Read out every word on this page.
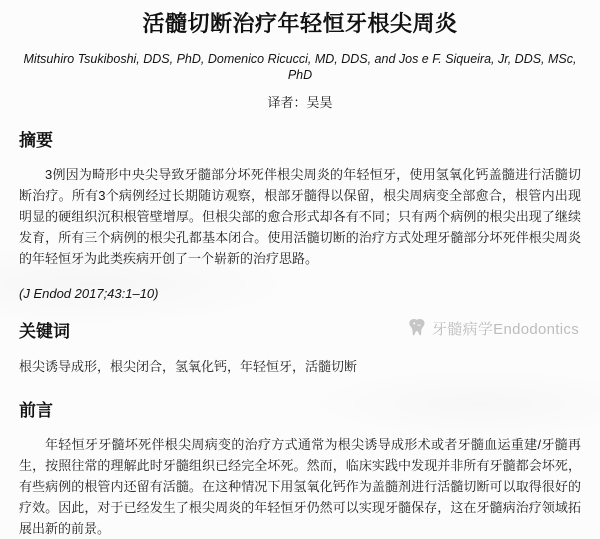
活髓切断治疗年轻恒牙根尖周炎

Mitsuhiro Tsukiboshi, DDS, PhD, Domenico Ricucci, MD, DDS, and Jos e F. Siqueira, Jr, DDS, MSc, PhD

译者：吴昊

摘要

3例因为畸形中央尖导致牙髓部分坏死伴根尖周炎的年轻恒牙，使用氢氧化钙盖髓进行活髓切断治疗。所有3个病例经过长期随访观察，根部牙髓得以保留，根尖周病变全部愈合，根管内出现明显的硬组织沉积根管壁增厚。但根尖部的愈合形式却各有不同；只有两个病例的根尖出现了继续发育，所有三个病例的根尖孔都基本闭合。使用活髓切断的治疗方式处理牙髓部分坏死伴根尖周炎的年轻恒牙为此类疾病开创了一个崭新的治疗思路。

(J Endod 2017;43:1–10)

关键词

根尖诱导成形，根尖闭合，氢氧化钙，年轻恒牙，活髓切断

牙髓病学Endodontics
前言

年轻恒牙牙髓坏死伴根尖周病变的治疗方式通常为根尖诱导成形术或者牙髓血运重建/牙髓再生，按照往常的理解此时牙髓组织已经完全坏死。然而，临床实践中发现并非所有牙髓都会坏死，有些病例的根管内还留有活髓。在这种情况下用氢氧化钙作为盖髓剂进行活髓切断可以取得很好的疗效。因此，对于已经发生了根尖周炎的年轻恒牙仍然可以实现牙髓保存，这在牙髓病治疗领域拓展出新的前景。
